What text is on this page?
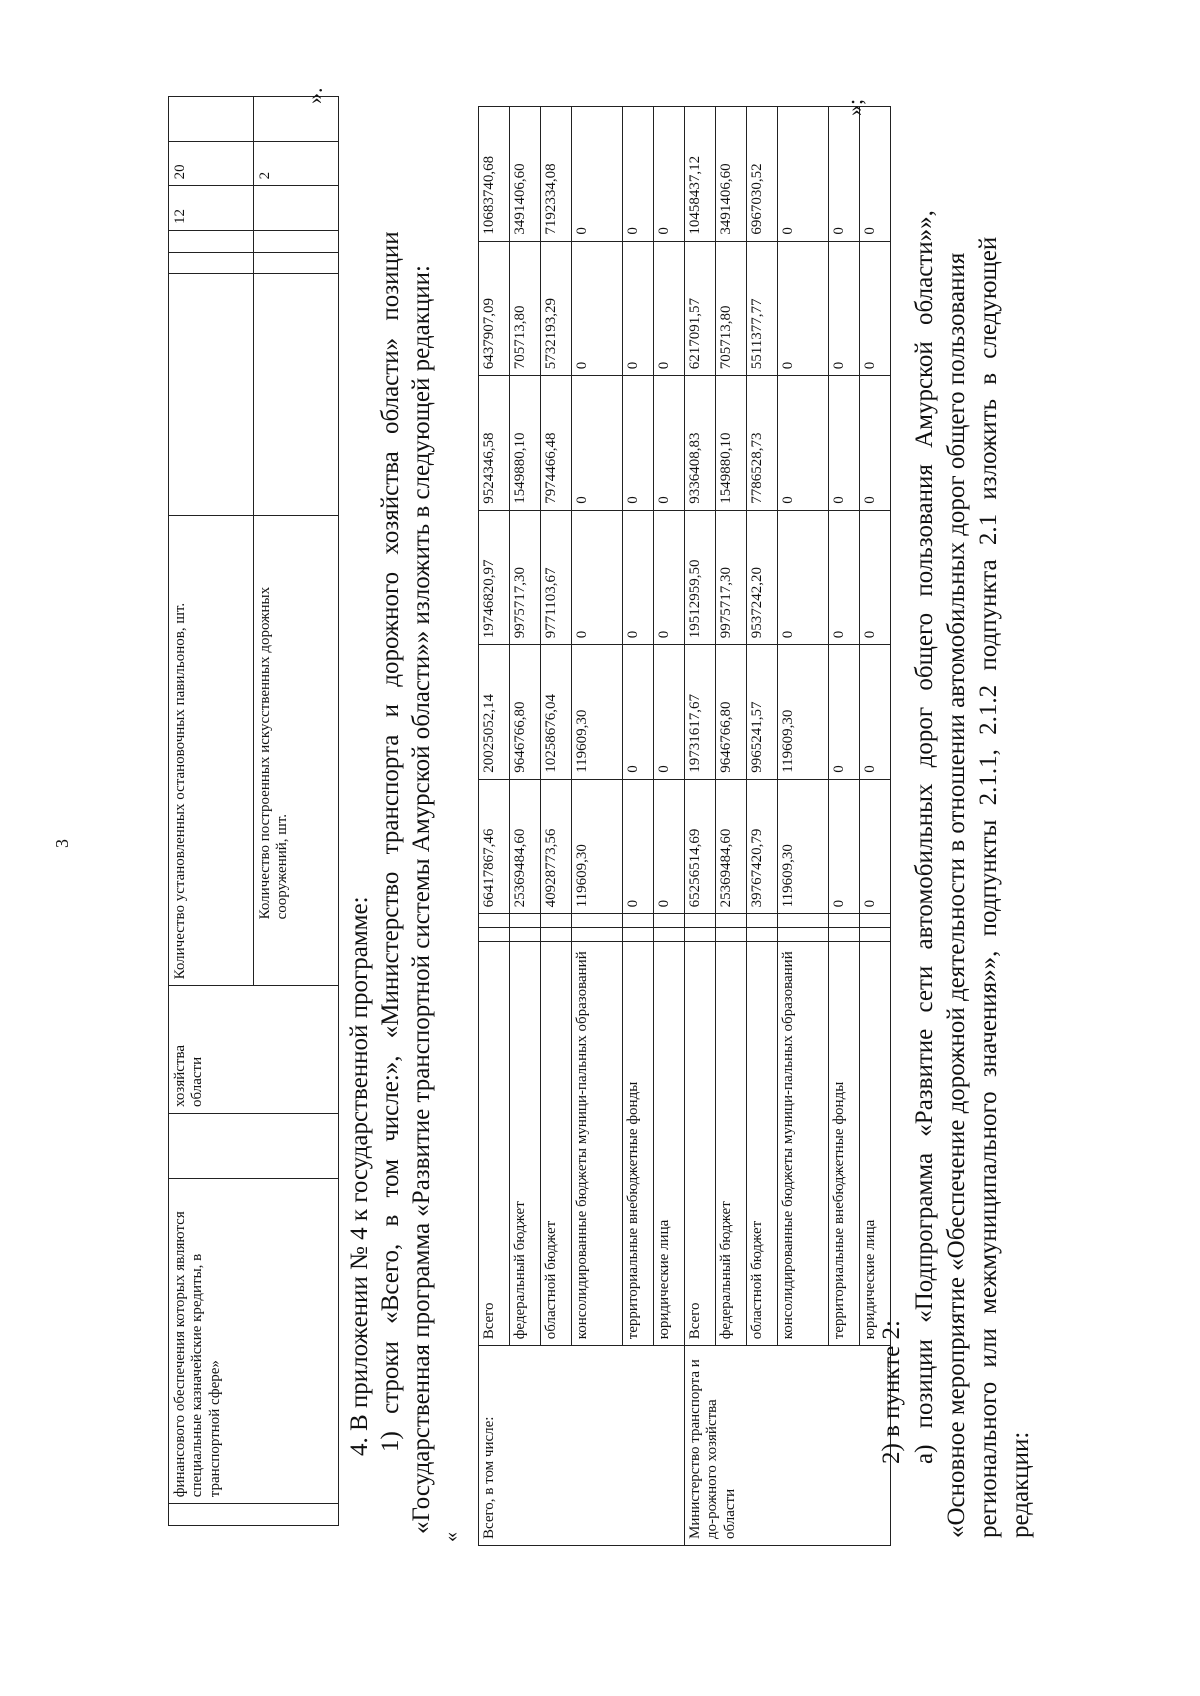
3
	финансового обеспечения которых являются специальные казначейские кредиты, в транспортной сфере»		хозяйства области	Количество установленных остановочных павильонов, шт.				12	20	
				Количество построенных искусственных дорожных сооружений, шт.					2	
».
4. В приложении № 4 к государственной программе: 1) строки «Всего, в том числе:», «Министерство транспорта и дорожного хозяйства области» позиции «Государственная программа «Развитие транспортной системы Амурской области»» изложить в следующей редакции:
« Всего, в том числе:	Всего			66417867,46	20025052,14	19746820,97	9524346,58	6437907,09	10683740,68
	федеральный бюджет			25369484,60	9646766,80	9975717,30	1549880,10	705713,80	3491406,60
	областной бюджет			40928773,56	10258676,04	9771103,67	7974466,48	5732193,29	7192334,08
	консолидированные бюджеты муници-пальных образований			119609,30	119609,30	0	0	0	0
	территориальные внебюджетные фонды			0	0	0	0	0	0
	юридические лица			0	0	0	0	0	0
Министерство транспорта и до-рожного хозяйства области	Всего			65256514,69	19731617,67	19512959,50	9336408,83	6217091,57	10458437,12
	федеральный бюджет			25369484,60	9646766,80	9975717,30	1549880,10	705713,80	3491406,60
	областной бюджет			39767420,79	9965241,57	9537242,20	7786528,73	5511377,77	6967030,52
	консолидированные бюджеты муници-пальных образований			119609,30	119609,30	0	0	0	0
	территориальные внебюджетные фонды			0	0	0	0	0	0
	юридические лица			0	0	0	0	0	0
»;
2) в пункте 2: а) позиции «Подпрограмма «Развитие сети автомобильных дорог общего пользования Амурской области»», «Основное мероприятие «Обеспечение дорожной деятельности в отношении автомобильных дорог общего пользования регионального или межмуниципального значения»», подпункты 2.1.1, 2.1.2 подпункта 2.1 изложить в следующей редакции:
